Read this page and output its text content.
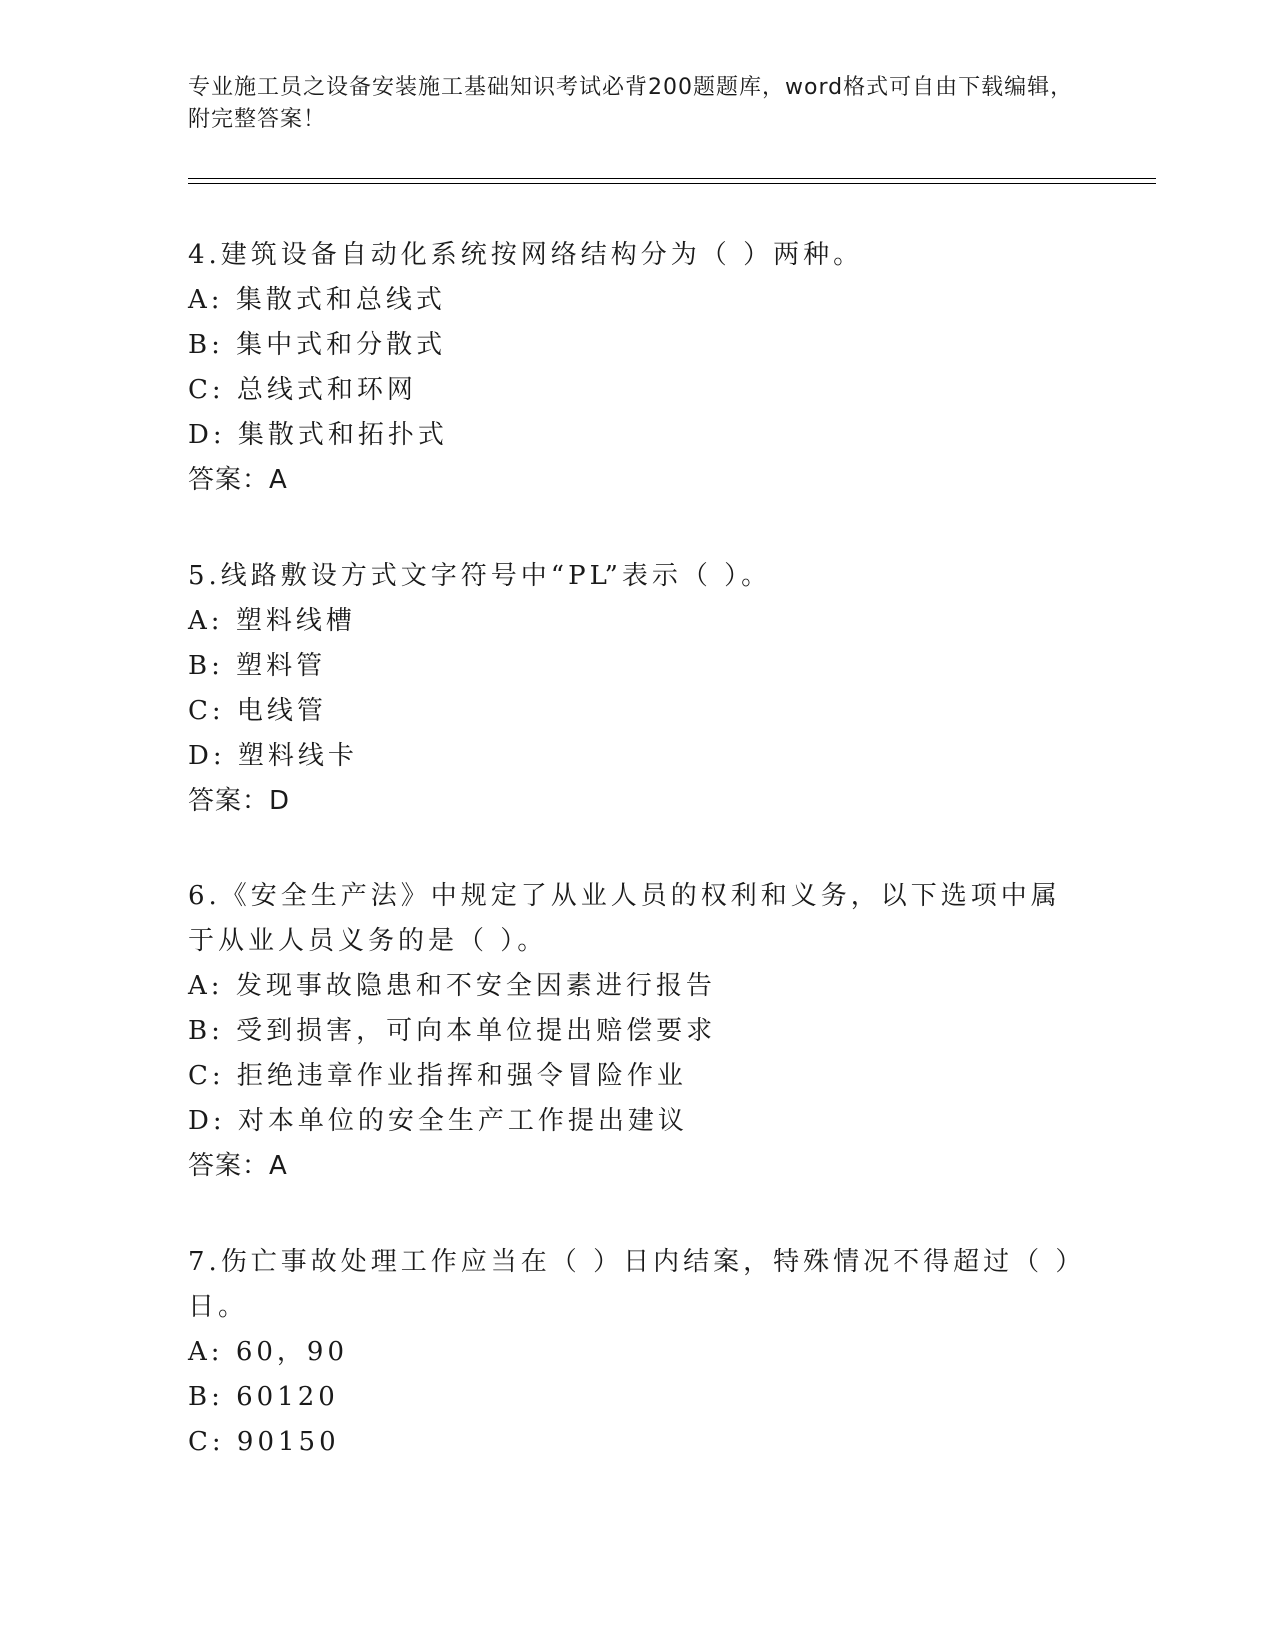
专业施工员之设备安装施工基础知识考试必背200题题库，word格式可自由下载编辑，附完整答案！
4.建筑设备自动化系统按网络结构分为（ ）两种。
A: 集散式和总线式
B: 集中式和分散式
C: 总线式和环网
D: 集散式和拓扑式
答案：A
5.线路敷设方式文字符号中“PL”表示（ ）。
A: 塑料线槽
B: 塑料管
C: 电线管
D: 塑料线卡
答案：D
6.《安全生产法》中规定了从业人员的权利和义务，以下选项中属于从业人员义务的是（ ）。
A: 发现事故隐患和不安全因素进行报告
B: 受到损害，可向本单位提出赔偿要求
C: 拒绝违章作业指挥和强令冒险作业
D: 对本单位的安全生产工作提出建议
答案：A
7.伤亡事故处理工作应当在（ ）日内结案，特殊情况不得超过（ ）日。
A: 60，90
B: 60120
C: 90150
